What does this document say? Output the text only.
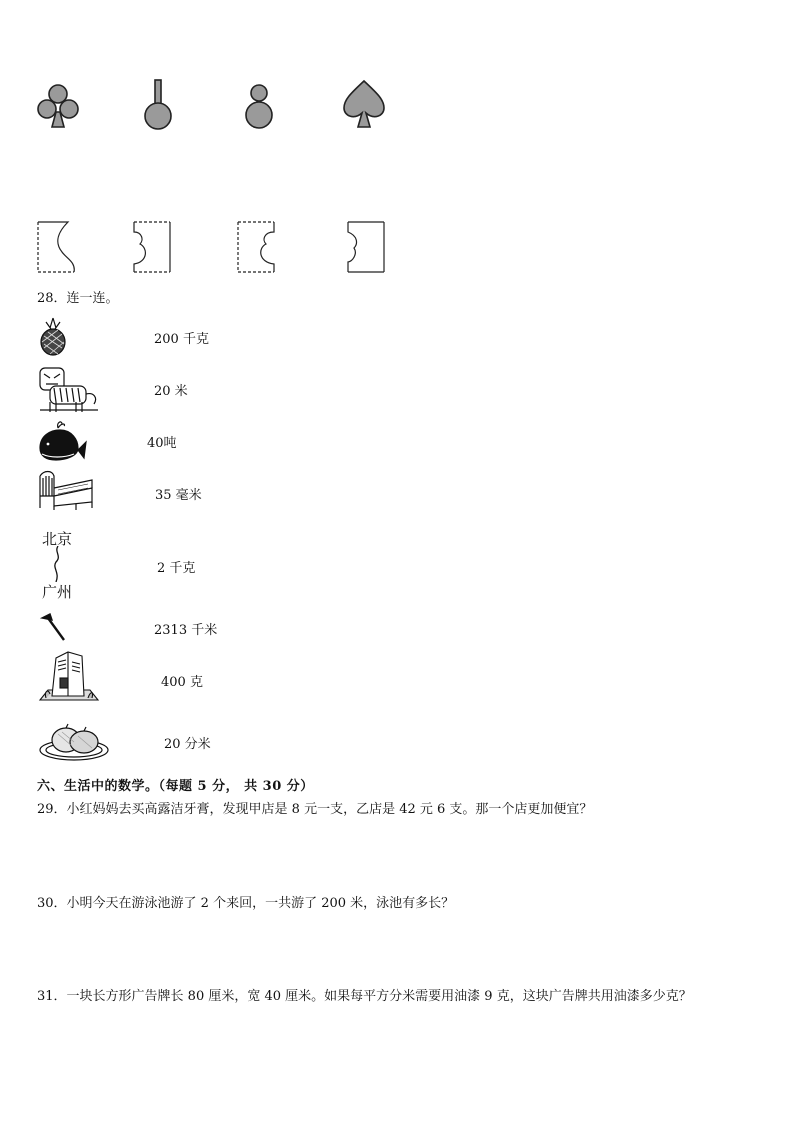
28．连一连。
200 千克
20 米
40吨
35 毫米
北京
广州
2 千克
2313 千米
400 克
20 分米
六、生活中的数学。（每题 5 分， 共 30 分）
29．小红妈妈去买高露洁牙膏，发现甲店是 8 元一支，乙店是 42 元 6 支。那一个店更加便宜？
30．小明今天在游泳池游了 2 个来回，一共游了 200 米，泳池有多长？
31．一块长方形广告牌长 80 厘米，宽 40 厘米。如果每平方分米需要用油漆 9 克，这块广告牌共用油漆多少克？
